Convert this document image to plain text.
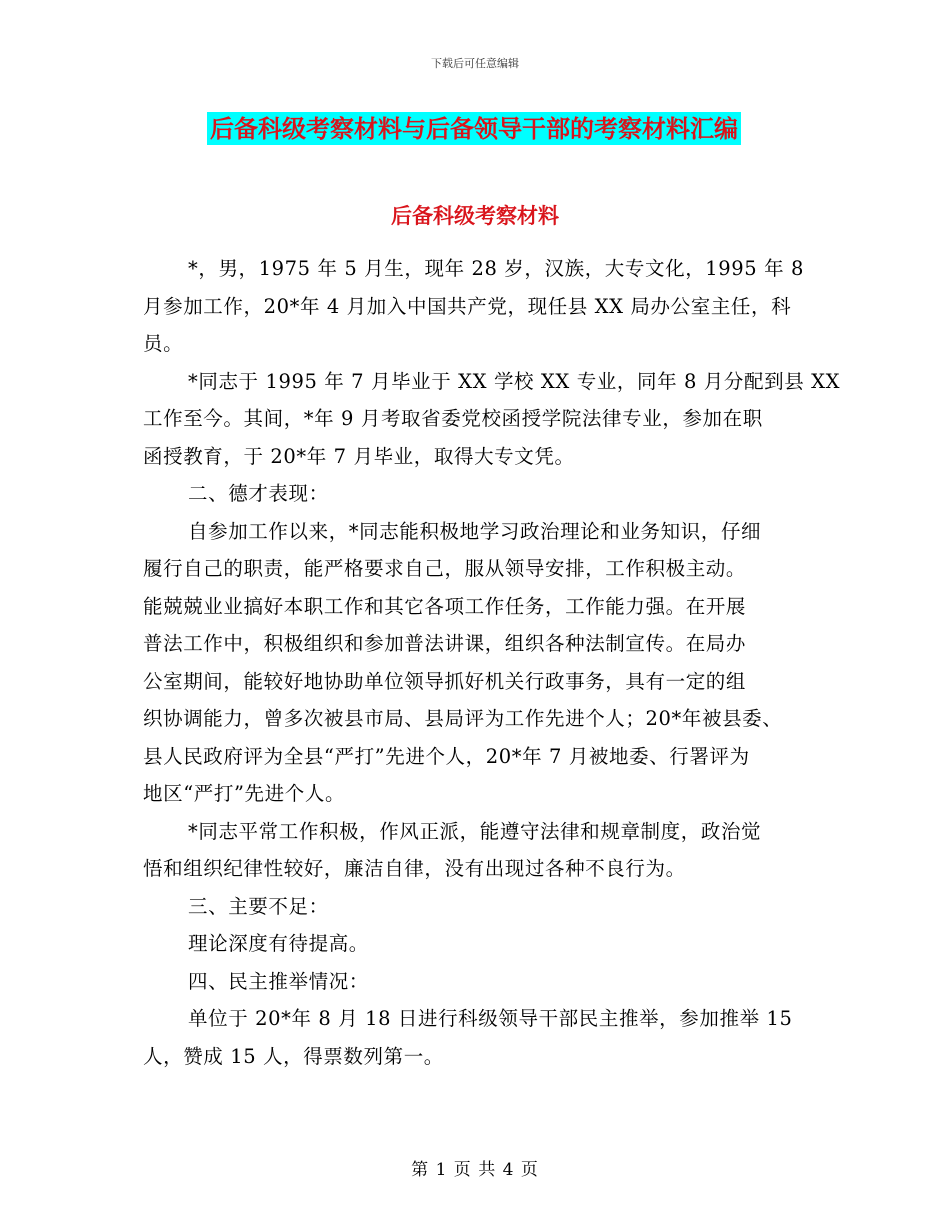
下载后可任意编辑
后备科级考察材料与后备领导干部的考察材料汇编
后备科级考察材料

*，男，1975 年 5 月生，现年 28 岁，汉族，大专文化，1995 年 8
月参加工作，20*年 4 月加入中国共产党，现任县 XX 局办公室主任，科
员。

*同志于 1995 年 7 月毕业于 XX 学校 XX 专业，同年 8 月分配到县 XX
工作至今。其间，*年 9 月考取省委党校函授学院法律专业，参加在职
函授教育，于 20*年 7 月毕业，取得大专文凭。

二、德才表现：

自参加工作以来，*同志能积极地学习政治理论和业务知识，仔细
履行自己的职责，能严格要求自己，服从领导安排，工作积极主动。
能兢兢业业搞好本职工作和其它各项工作任务，工作能力强。在开展
普法工作中，积极组织和参加普法讲课，组织各种法制宣传。在局办
公室期间，能较好地协助单位领导抓好机关行政事务，具有一定的组
织协调能力，曾多次被县市局、县局评为工作先进个人；20*年被县委、
县人民政府评为全县“严打”先进个人，20*年 7 月被地委、行署评为
地区“严打”先进个人。

*同志平常工作积极，作风正派，能遵守法律和规章制度，政治觉
悟和组织纪律性较好，廉洁自律，没有出现过各种不良行为。

三、主要不足：

理论深度有待提高。

四、民主推举情况：

单位于 20*年 8 月 18 日进行科级领导干部民主推举，参加推举 15
人，赞成 15 人，得票数列第一。

第 1 页 共 4 页
